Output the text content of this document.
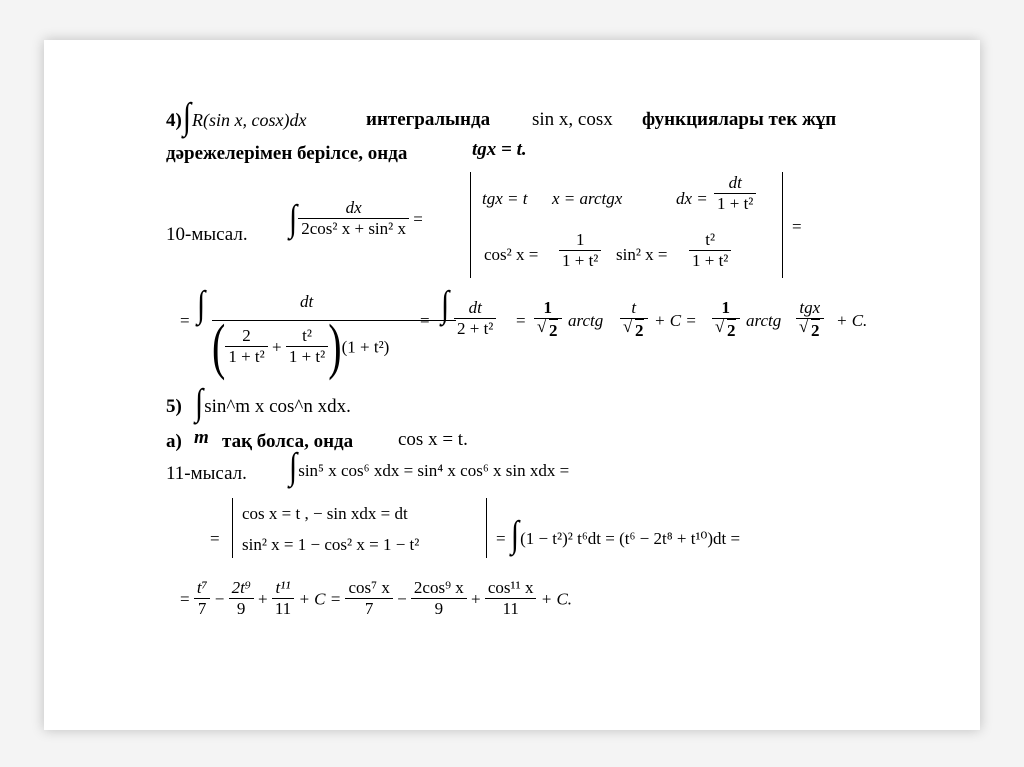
4)∫R(sin x, cosx)dx	интегралында sin x, cosx функциялары тек жұп
дәрежелерімен берілсе, онда	tgx = t.
10-мысал. ∫ $\frac{dx}{\text{2cos² x + sin² x}}$ =
tgx = t x = arctgx	dx = $\frac{dt}{\text{1 + t²}}$
cos² $x = \frac{1}{\text{1 + t²}} \sin^2$ $x = \frac{\text{t²}}{\text{1 + t²}}$
=
= ∫	dt
( $\frac{2}{\text{1 + t²}} + \frac{\text{t²}}{\text{1 + t²}} )(1 + t^2)$
= ∫ $\frac{dt}{\text{2 + t²}} = 1$
√ 2 arctg t
√ 2 + C = 1
√ 2 arctg tgx
√ 2 + C.
5) ∫sin^m x cos^n xdx.
а) m тақ болса, онда cos x = t.
11-мысал. ∫sin⁵ x cos⁶ xdx = sin⁴ x cos⁶ x sin xdx =
=
cos x = t , − sin xdx = dt
sin² x = 1 − cos² x = 1 − t²	= ∫(1 − t²)² t⁶dt = (t⁶ − 2t⁸ + t¹⁰)dt =
= $\frac{\text{t⁷}}{7} - \frac{\text{2t⁹}}{9} + \frac{\text{t¹¹}}{11} + C = \frac{\text{cos⁷ x}}{7} - \frac{\text{2cos⁹ x}}{9} + \frac{\text{cos¹¹ x}}{11} + C$.
